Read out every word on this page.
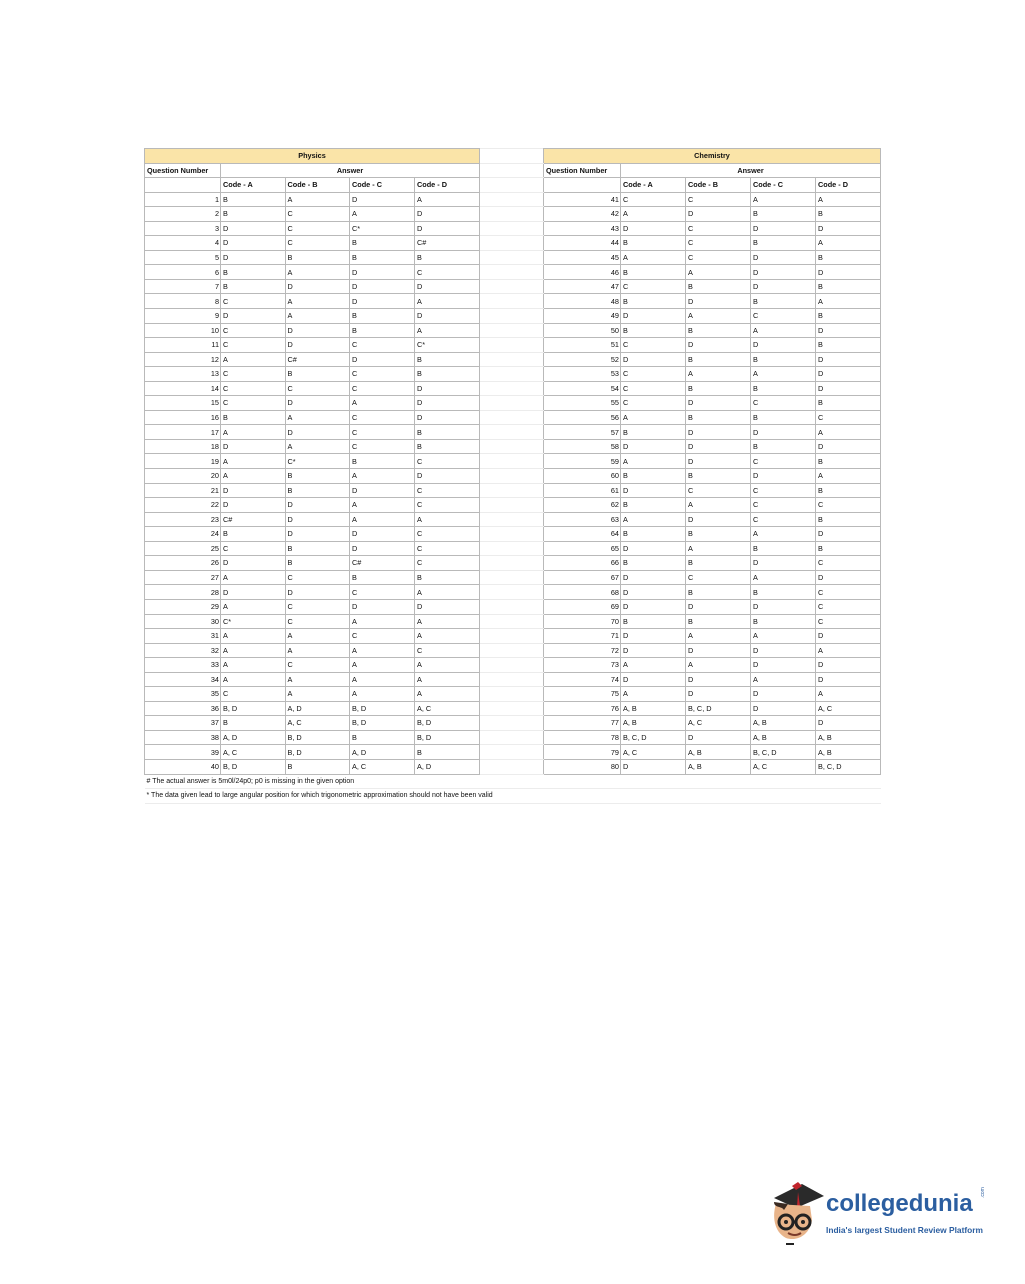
Physics						Chemistry				
Question Number	Answer					Question Number	Answer			
	Code - A	Code - B	Code - C	Code - D			Code - A	Code - B	Code - C	Code - D
1	B	A	D	A		41	C	C	A	A
2	B	C	A	D		42	A	D	B	B
3	D	C	C*	D		43	D	C	D	D
4	D	C	B	C#		44	B	C	B	A
5	D	B	B	B		45	A	C	D	B
6	B	A	D	C		46	B	A	D	D
7	B	D	D	D		47	C	B	D	B
8	C	A	D	A		48	B	D	B	A
9	D	A	B	D		49	D	A	C	B
10	C	D	B	A		50	B	B	A	D
11	C	D	C	C*		51	C	D	D	B
12	A	C#	D	B		52	D	B	B	D
13	C	B	C	B		53	C	A	A	D
14	C	C	C	D		54	C	B	B	D
15	C	D	A	D		55	C	D	C	B
16	B	A	C	D		56	A	B	B	C
17	A	D	C	B		57	B	D	D	A
18	D	A	C	B		58	D	D	B	D
19	A	C*	B	C		59	A	D	C	B
20	A	B	A	D		60	B	B	D	A
21	D	B	D	C		61	D	C	C	B
22	D	D	A	C		62	B	A	C	C
23	C#	D	A	A		63	A	D	C	B
24	B	D	D	C		64	B	B	A	D
25	C	B	D	C		65	D	A	B	B
26	D	B	C#	C		66	B	B	D	C
27	A	C	B	B		67	D	C	A	D
28	D	D	C	A		68	D	B	B	C
29	A	C	D	D		69	D	D	D	C
30	C*	C	A	A		70	B	B	B	C
31	A	A	C	A		71	D	A	A	D
32	A	A	A	C		72	D	D	D	A
33	A	C	A	A		73	A	A	D	D
34	A	A	A	A		74	D	D	A	D
35	C	A	A	A		75	A	D	D	A
36	B, D	A, D	B, D	A, C		76	A, B	B, C, D	D	A, C
37	B	A, C	B, D	B, D		77	A, B	A, C	A, B	D
38	A, D	B, D	B	B, D		78	B, C, D	D	A, B	A, B
39	A, C	B, D	A, D	B		79	A, C	A, B	B, C, D	A, B
40	B, D	B	A, C	A, D		80	D	A, B	A, C	B, C, D
# The actual answer is 5m0l/24p0; p0 is missing in the given option										
* The data given lead to large angular position for which trigonometric approximation should not have been valid										
collegedunia .com
India's largest Student Review Platform
